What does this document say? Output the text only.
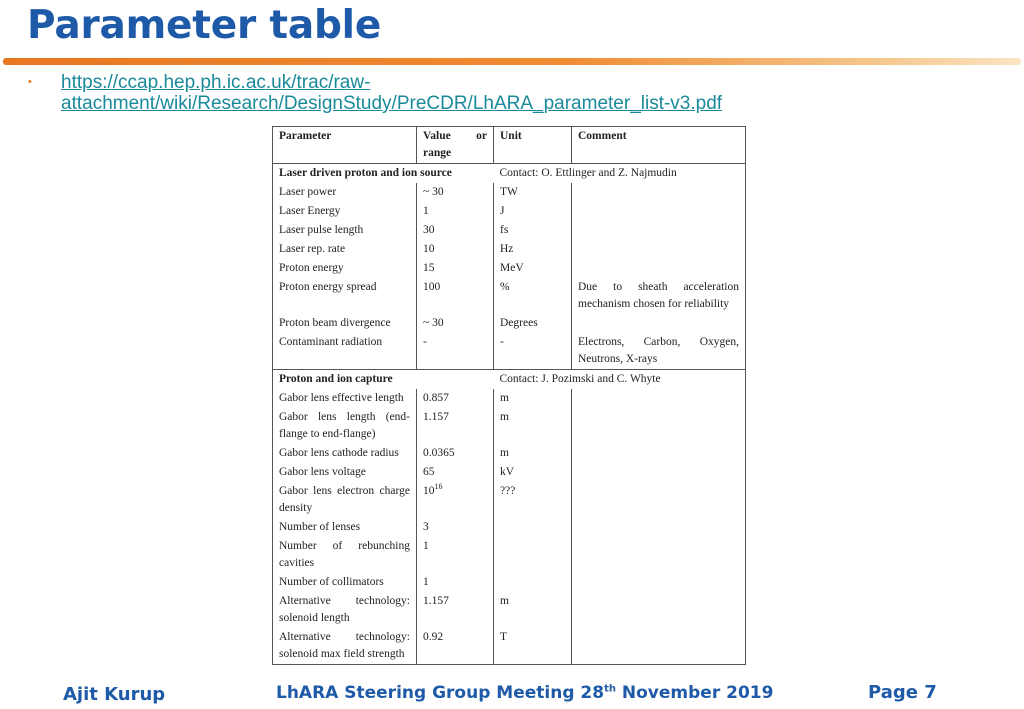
Parameter table
• https://ccap.hep.ph.ic.ac.uk/trac/raw-
attachment/wiki/Research/DesignStudy/PreCDR/LhARA_parameter_list-v3.pdf
Parameter	Value or range	Unit	Comment
Laser driven proton and ion source		Contact: O. Ettlinger and Z. Najmudin	
Laser power	~ 30	TW	
Laser Energy	1	J	
Laser pulse length	30	fs	
Laser rep. rate	10	Hz	
Proton energy	15	MeV	
Proton energy spread	100	%	Due to sheath acceleration mechanism chosen for reliability
Proton beam divergence	~ 30	Degrees	
Contaminant radiation	-	-	Electrons, Carbon, Oxygen, Neutrons, X-rays
Proton and ion capture		Contact: J. Pozimski and C. Whyte	
Gabor lens effective length	0.857	m	
Gabor lens length (end-flange to end-flange)	1.157	m	
Gabor lens cathode radius	0.0365	m	
Gabor lens voltage	65	kV	
Gabor lens electron charge density	$10^{16}$	???	
Number of lenses	3		
Number of rebunching cavities	1		
Number of collimators	1		
Alternative technology: solenoid length	1.157	m	
Alternative technology: solenoid max field strength	0.92	T	
Ajit Kurup	LhARA Steering Group Meeting 28th November 2019	Page 7
